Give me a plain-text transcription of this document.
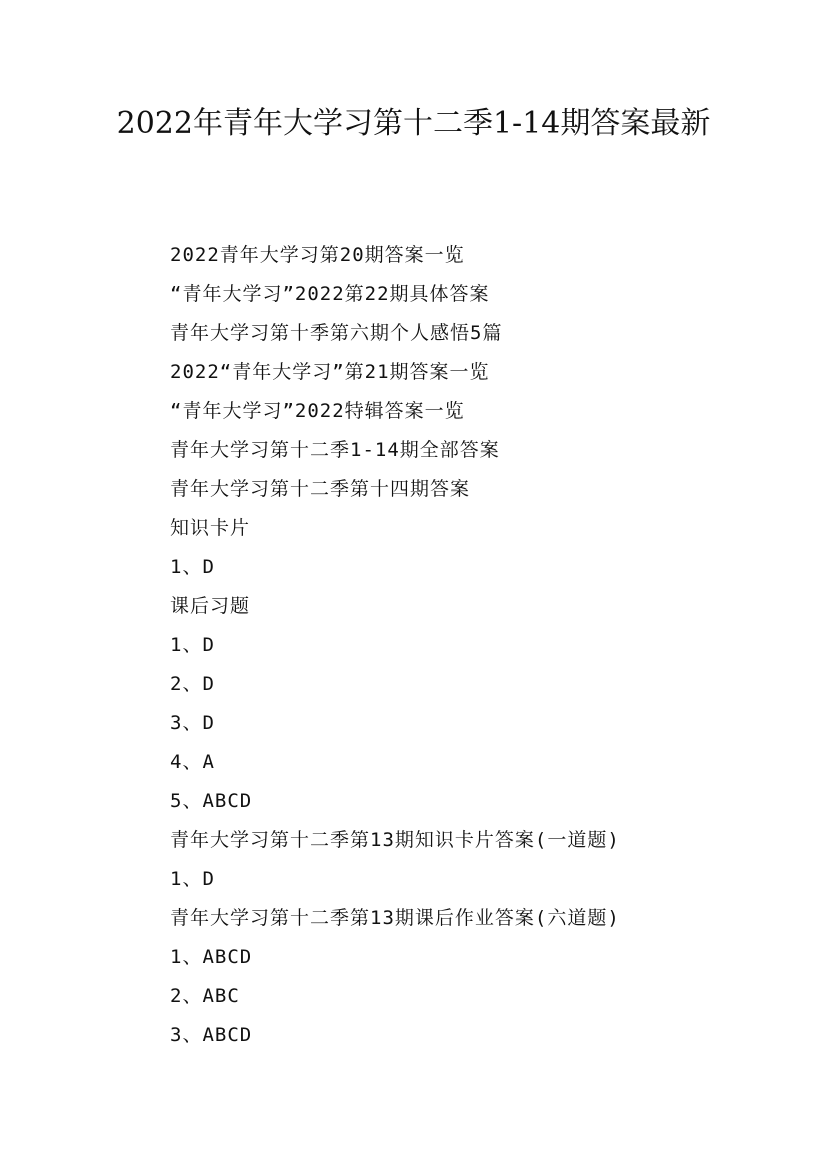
2022年青年大学习第十二季1-14期答案最新
2022青年大学习第20期答案一览
“青年大学习”2022第22期具体答案
青年大学习第十季第六期个人感悟5篇
2022“青年大学习”第21期答案一览
“青年大学习”2022特辑答案一览
青年大学习第十二季1-14期全部答案
青年大学习第十二季第十四期答案
知识卡片
1、D
课后习题
1、D
2、D
3、D
4、A
5、ABCD
青年大学习第十二季第13期知识卡片答案(一道题)
1、D
青年大学习第十二季第13期课后作业答案(六道题)
1、ABCD
2、ABC
3、ABCD
